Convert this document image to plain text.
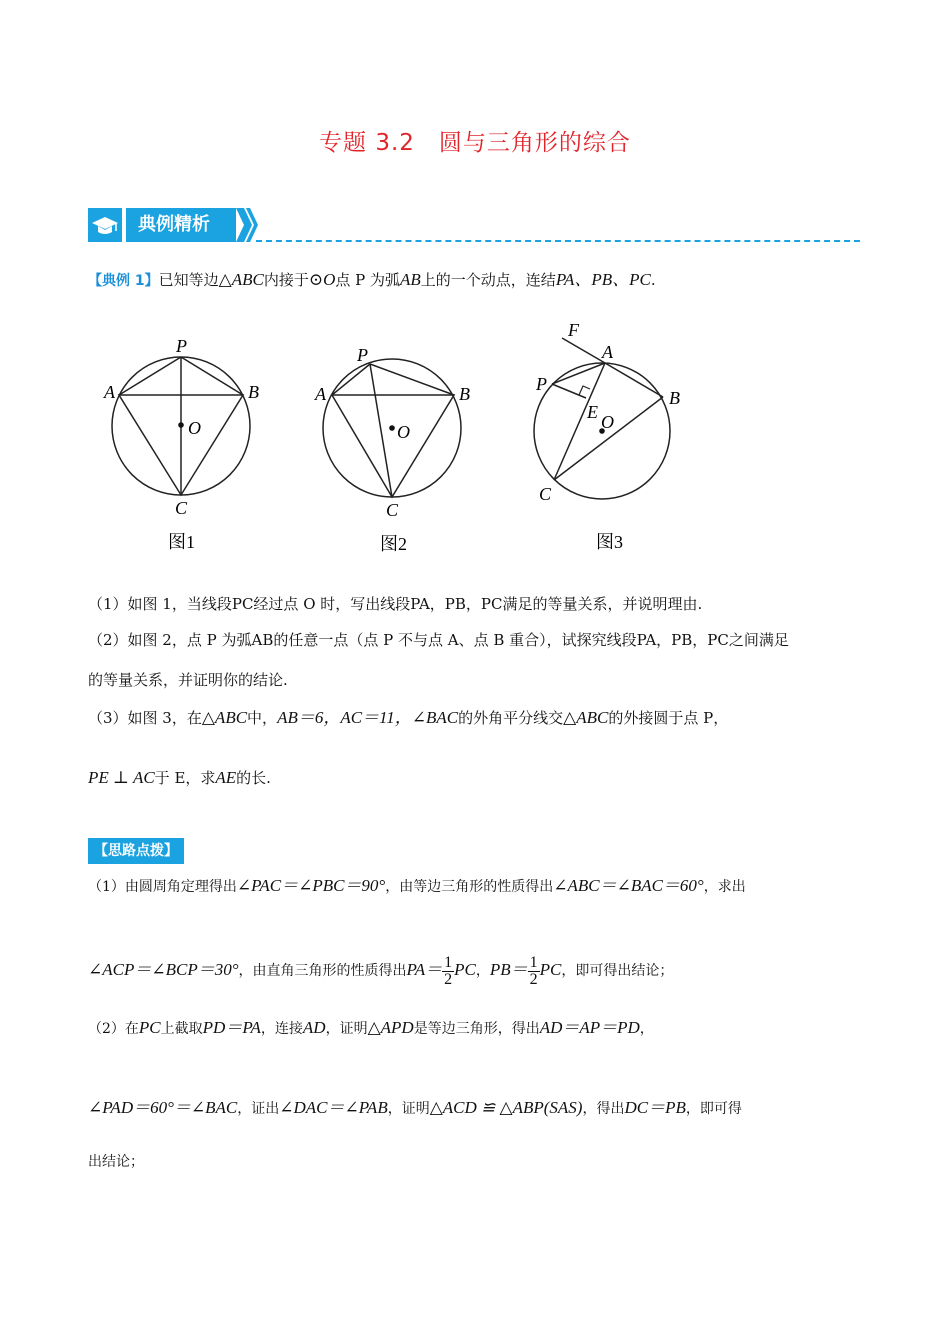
专题 3.2　圆与三角形的综合
典例精析
【典例 1】已知等边△ABC内接于⊙O点 P 为弧AB上的一个动点，连结PA、PB、PC.
P
A	B
O
C
图1
P
A	B
O
C
图2
F
A
P
B
E O
C
图3
（1）如图 1，当线段PC经过点 O 时，写出线段PA，PB，PC满足的等量关系，并说明理由.
（2）如图 2，点 P 为弧AB的任意一点（点 P 不与点 A、点 B 重合），试探究线段PA，PB，PC之间满足
的等量关系，并证明你的结论.
（3）如图 3，在△ABC中，AB＝6，AC＝11，∠BAC的外角平分线交△ABC的外接圆于点 P，
PE ⊥ AC于 E，求AE的长.
【思路点拨】
（1）由圆周角定理得出∠PAC＝∠PBC＝90°，由等边三角形的性质得出∠ABC＝∠BAC＝60°，求出
∠ACP＝∠BCP＝30°，由直角三角形的性质得出$PA= \frac{1}{2}$ PC，$PB= \frac{1}{2}$ PC，即可得出结论；
（2）在PC上截取PD＝PA，连接AD，证明△APD是等边三角形，得出AD＝AP＝PD，
∠PAD＝60°＝∠BAC，证出∠DAC＝∠PAB，证明△ACD ≌ △ABP(SAS)，得出DC＝PB，即可得
出结论；
